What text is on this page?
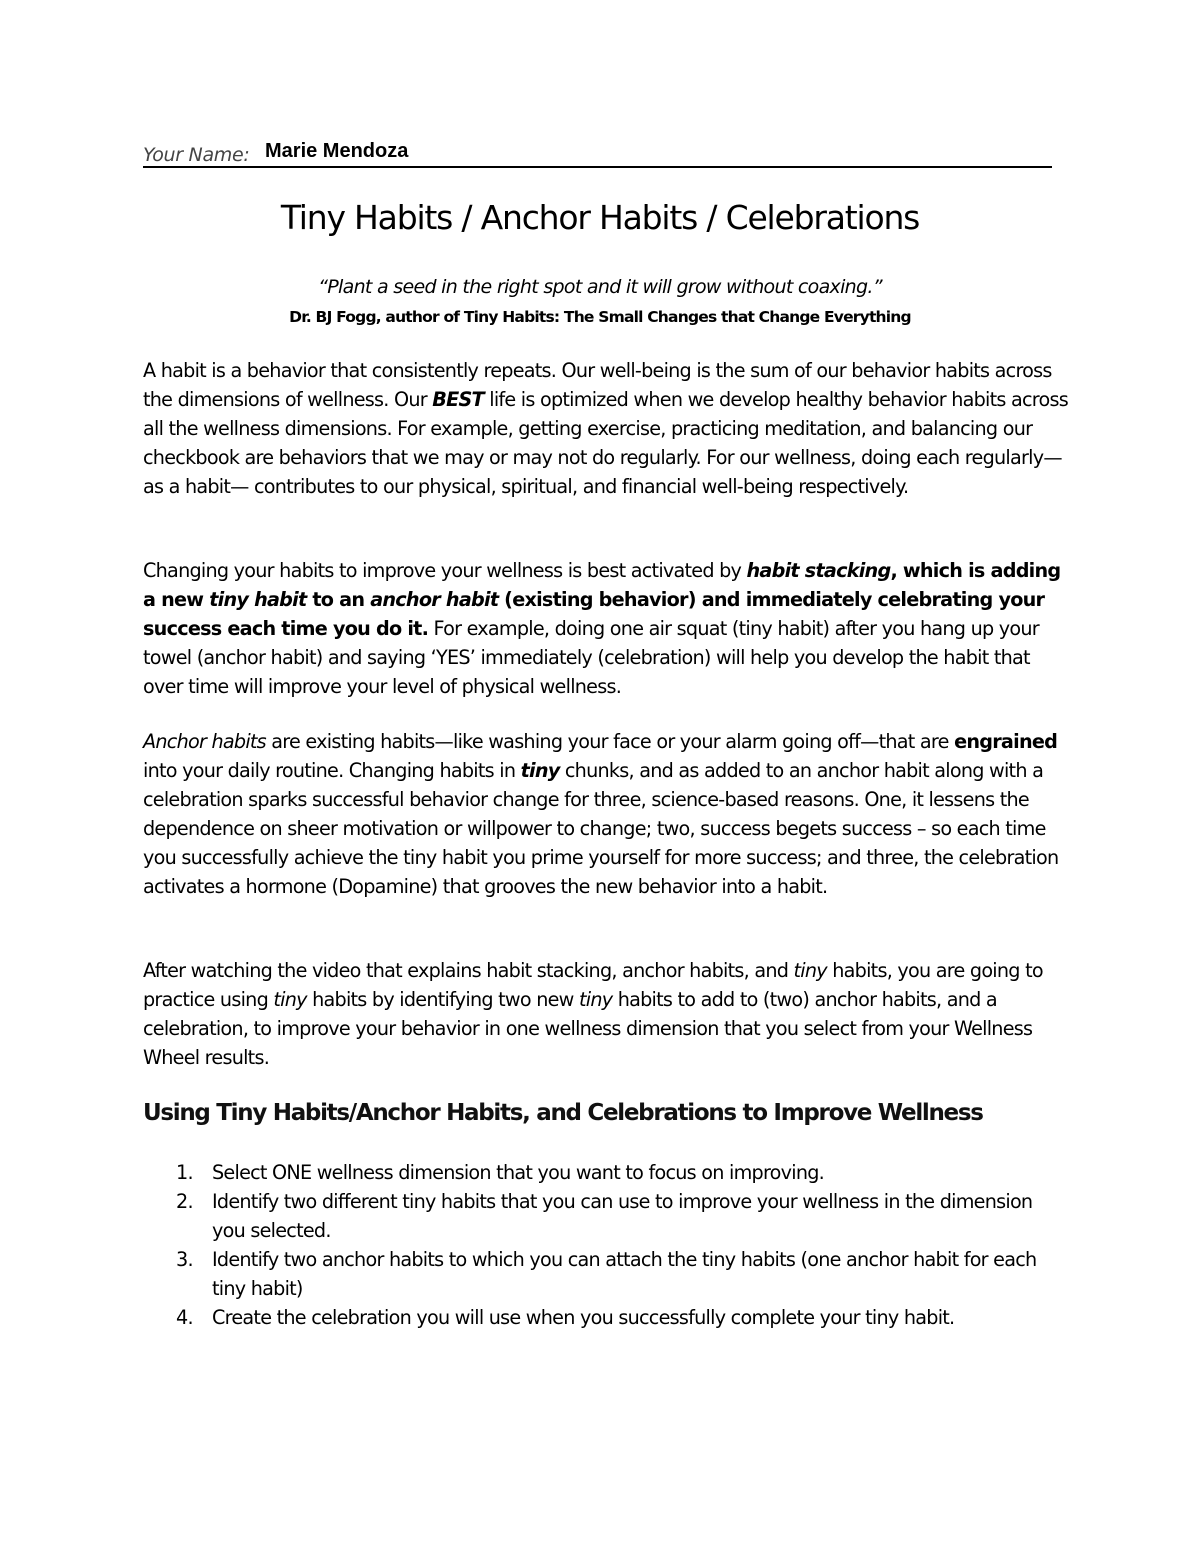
Your Name: Marie Mendoza
Tiny Habits / Anchor Habits / Celebrations
“Plant a seed in the right spot and it will grow without coaxing.”
Dr. BJ Fogg, author of Tiny Habits: The Small Changes that Change Everything

A habit is a behavior that consistently repeats. Our well-being is the sum of our behavior habits across the dimensions of wellness. Our BEST life is optimized when we develop healthy behavior habits across all the wellness dimensions. For example, getting exercise, practicing meditation, and balancing our checkbook are behaviors that we may or may not do regularly. For our wellness, doing each regularly—as a habit— contributes to our physical, spiritual, and financial well-being respectively.

Changing your habits to improve your wellness is best activated by habit stacking, which is adding a new tiny habit to an anchor habit (existing behavior) and immediately celebrating your success each time you do it. For example, doing one air squat (tiny habit) after you hang up your towel (anchor habit) and saying ‘YES’ immediately (celebration) will help you develop the habit that over time will improve your level of physical wellness.

Anchor habits are existing habits—like washing your face or your alarm going off—that are engrained into your daily routine. Changing habits in tiny chunks, and as added to an anchor habit along with a celebration sparks successful behavior change for three, science-based reasons. One, it lessens the dependence on sheer motivation or willpower to change; two, success begets success – so each time you successfully achieve the tiny habit you prime yourself for more success; and three, the celebration activates a hormone (Dopamine) that grooves the new behavior into a habit.

After watching the video that explains habit stacking, anchor habits, and tiny habits, you are going to practice using tiny habits by identifying two new tiny habits to add to (two) anchor habits, and a celebration, to improve your behavior in one wellness dimension that you select from your Wellness Wheel results.

Using Tiny Habits/Anchor Habits, and Celebrations to Improve Wellness
1. Select ONE wellness dimension that you want to focus on improving.
2. Identify two different tiny habits that you can use to improve your wellness in the dimension you selected.
3. Identify two anchor habits to which you can attach the tiny habits (one anchor habit for each tiny habit)
4. Create the celebration you will use when you successfully complete your tiny habit.
